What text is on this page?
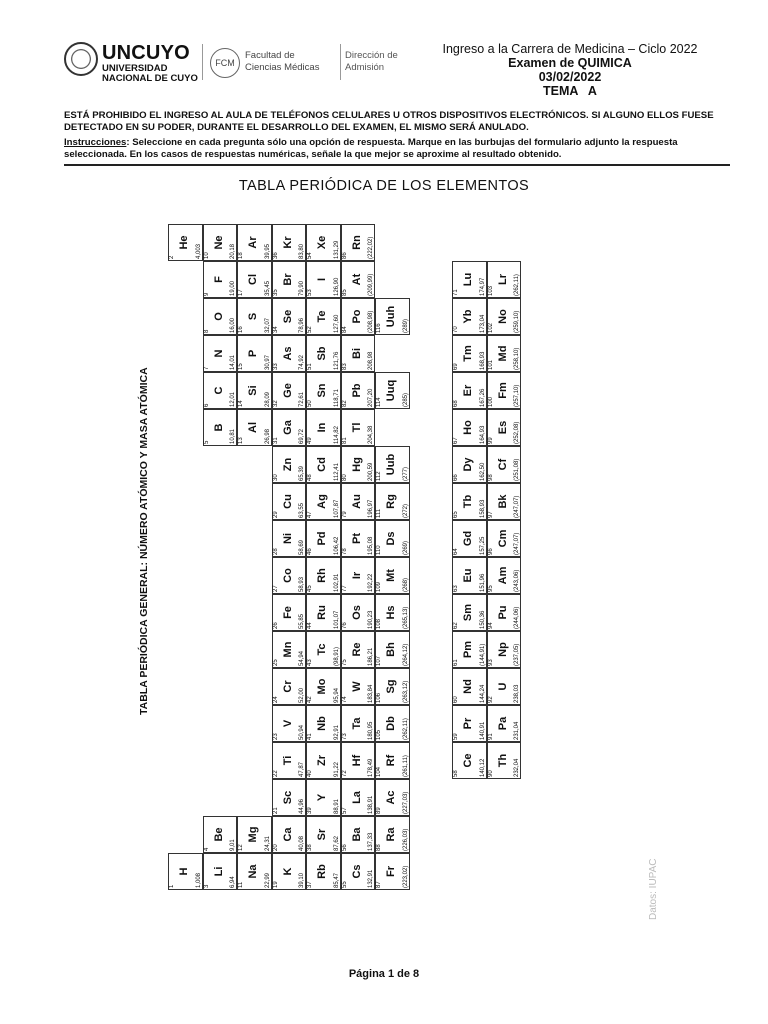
UNCUYO
UNIVERSIDAD
NACIONAL DE CUYO
FCM
Facultad de
Ciencias Médicas
Dirección de
Admisión
Ingreso a la Carrera de Medicina – Ciclo 2022
Examen de QUIMICA
03/02/2022
TEMA   A
ESTÁ PROHIBIDO EL INGRESO AL AULA DE TELÉFONOS CELULARES U OTROS DISPOSITIVOS ELECTRÓNICOS. SI ALGUNO ELLOS FUESE DETECTADO EN SU PODER, DURANTE EL DESARROLLO DEL EXAMEN, EL MISMO SERÁ ANULADO.
Instrucciones: Seleccione en cada pregunta sólo una opción de respuesta. Marque en las burbujas del formulario adjunto la respuesta seleccionada. En los casos de respuestas numéricas, señale la que mejor se aproxime al resultado obtenido.
TABLA PERIÓDICA DE LOS ELEMENTOS
TABLA PERIÓDICA GENERAL: NÚMERO ATÓMICO Y MASA ATÓMICA
1
H
1,008
2
He
4,003
3
Li
6,94
4
Be
9,01
5
B
10,81
6
C
12,01
7
N
14,01
8
O
16,00
9
F
19,00
10
Ne
20,18
11
Na
22,99
12
Mg
24,31
13
Al
26,98
14
Si
28,09
15
P
30,97
16
S
32,07
17
Cl
35,45
18
Ar
39,95
19
K
39,10
20
Ca
40,08
21
Sc
44,96
22
Ti
47,87
23
V
50,94
24
Cr
52,00
25
Mn
54,94
26
Fe
55,85
27
Co
58,93
28
Ni
58,69
29
Cu
63,55
30
Zn
65,39
31
Ga
69,72
32
Ge
72,61
33
As
74,92
34
Se
78,96
35
Br
79,90
36
Kr
83,80
37
Rb
85,47
38
Sr
87,62
39
Y
88,91
40
Zr
91,22
41
Nb
92,91
42
Mo
95,94
43
Tc (98,91)
44
Ru 101,07
45
Rh 102,91
46
Pd 106,42
47
Ag 107,87
48
Cd 112,41
49
In 114,82
50
Sn 118,71
51
Sb 121,76
52
Te 127,60
53
I 126,90
54
Xe 131,29
55
Cs 132,91
56
Ba 137,33
57
La 138,91
72
Hf 178,49
73
Ta 180,95
74
W 183,84
75
Re 186,21
76
Os 190,23
77
Ir 192,22
78
Pt 195,08
79
Au 196,97
80
Hg 200,59
81
Tl 204,38
82
Pb 207,20
83
Bi 208,98
84
Po (208,98)
85
At (209,99)
86
Rn (222,02)
87
Fr (223,02)
88
Ra (226,03)
89
Ac (227,03)
104
Rf (261,11)
105
Db (262,11)
106
Sg (263,12)
107
Bh (264,12)
108
Hs (265,13)
109
Mt
(268)
110
Ds
(269)
111
Rg
(272)
112
Uub (277)
114
Uuq (285)
116
Uuh (289)
58
Ce 140,12
59
Pr 140,91
60
Nd 144,24
61
Pm (144,91)
62
Sm 150,36
63
Eu 151,96
64
Gd 157,25
65
Tb 158,93
66
Dy 162,50
67
Ho 164,93
68
Er 167,26
69
Tm 168,93
70
Yb 173,04
71
Lu 174,97
90
Th 232,04
91
Pa 231,04
92
U 238,03
93
Np (237,05)
94
Pu (244,06)
95
Am (243,06)
96
Cm (247,07)
97
Bk (247,07)
98
Cf (251,08)
99
Es (252,08)
100
Fm (257,10)
101
Md (258,10)
102
No (259,10)
103
Lr (262,11)
Datos: IUPAC
Página 1 de 8
